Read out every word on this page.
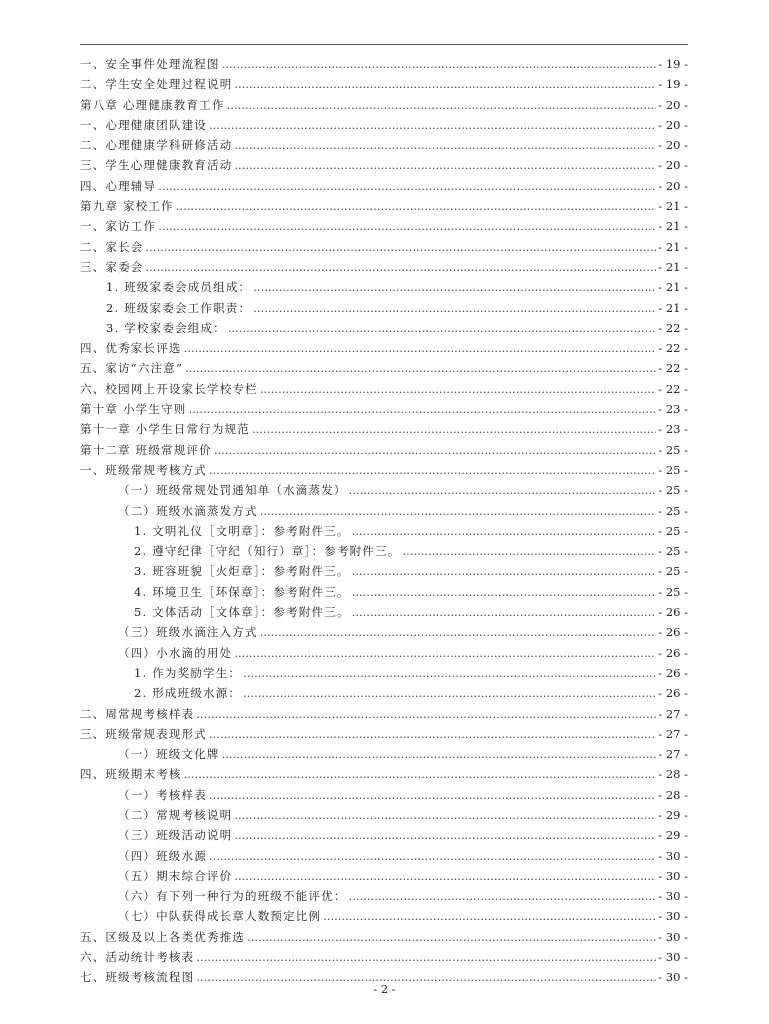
一、安全事件处理流程图 .....	- 19 -
二、学生安全处理过程说明 .....	- 19 -
第八章 心理健康教育工作 .....	- 20 -
一、心理健康团队建设 .....	- 20 -
二、心理健康学科研修活动 .....	- 20 -
三、学生心理健康教育活动 .....	- 20 -
四、心理辅导 .....	- 20 -
第九章 家校工作 .....	- 21 -
一、家访工作 .....	- 21 -
二、家长会 .....	- 21 -
三、家委会 .....	- 21 -
1. 班级家委会成员组成： .....	- 21 -
2. 班级家委会工作职责： .....	- 21 -
3. 学校家委会组成： .....	- 22 -
四、优秀家长评选 .....	- 22 -
五、家访“六注意” .....	- 22 -
六、校园网上开设家长学校专栏 .....	- 22 -
第十章 小学生守则 .....	- 23 -
第十一章 小学生日常行为规范 .....	- 23 -
第十二章 班级常规评价 .....	- 25 -
一、班级常规考核方式 .....	- 25 -
（一）班级常规处罚通知单（水滴蒸发） .....	- 25 -
（二）班级水滴蒸发方式 .....	- 25 -
1. 文明礼仪［文明章］：参考附件三。 .....	- 25 -
2. 遵守纪律［守纪（知行）章］：参考附件三。 .....	- 25 -
3. 班容班貌［火炬章］：参考附件三。 .....	- 25 -
4. 环境卫生［环保章］：参考附件三。 .....	- 25 -
5. 文体活动［文体章］：参考附件三。 .....	- 26 -
（三）班级水滴注入方式 .....	- 26 -
（四）小水滴的用处 .....	- 26 -
1. 作为奖励学生： .....	- 26 -
2. 形成班级水源： .....	- 26 -
二、周常规考核样表 .....	- 27 -
三、班级常规表现形式 .....	- 27 -
（一）班级文化牌 .....	- 27 -
四、班级期末考核 .....	- 28 -
（一）考核样表 .....	- 28 -
（二）常规考核说明 .....	- 29 -
（三）班级活动说明 .....	- 29 -
（四）班级水源 .....	- 30 -
（五）期末综合评价 .....	- 30 -
（六）有下列一种行为的班级不能评优： .....	- 30 -
（七）中队获得成长章人数预定比例 .....	- 30 -
五、区级及以上各类优秀推选 .....	- 30 -
六、活动统计考核表 .....	- 30 -
七、班级考核流程图 .....	- 30 -
- 2 -
